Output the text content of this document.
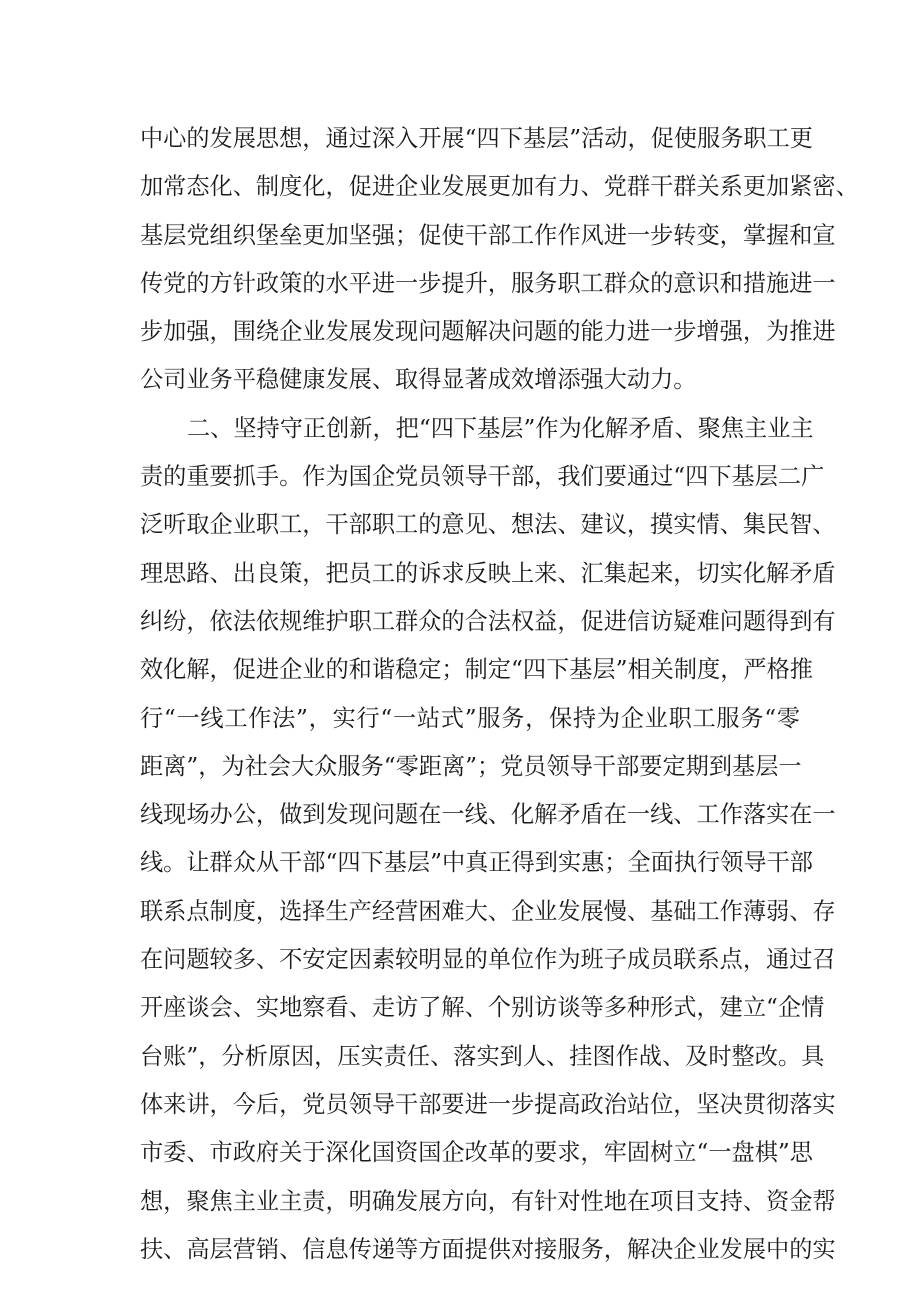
中心的发展思想，通过深入开展“四下基层”活动，促使服务职工更
加常态化、制度化，促进企业发展更加有力、党群干群关系更加紧密、
基层党组织堡垒更加坚强；促使干部工作作风进一步转变，掌握和宣
传党的方针政策的水平进一步提升，服务职工群众的意识和措施进一
步加强，围绕企业发展发现问题解决问题的能力进一步增强，为推进
公司业务平稳健康发展、取得显著成效增添强大动力。
二、坚持守正创新，把“四下基层”作为化解矛盾、聚焦主业主
责的重要抓手。作为国企党员领导干部，我们要通过“四下基层二广
泛听取企业职工，干部职工的意见、想法、建议，摸实情、集民智、
理思路、出良策，把员工的诉求反映上来、汇集起来，切实化解矛盾
纠纷，依法依规维护职工群众的合法权益，促进信访疑难问题得到有
效化解，促进企业的和谐稳定；制定“四下基层”相关制度，严格推
行“一线工作法”，实行“一站式”服务，保持为企业职工服务“零
距离”，为社会大众服务“零距离”；党员领导干部要定期到基层一
线现场办公，做到发现问题在一线、化解矛盾在一线、工作落实在一
线。让群众从干部“四下基层”中真正得到实惠；全面执行领导干部
联系点制度，选择生产经营困难大、企业发展慢、基础工作薄弱、存
在问题较多、不安定因素较明显的单位作为班子成员联系点，通过召
开座谈会、实地察看、走访了解、个别访谈等多种形式，建立“企情
台账”，分析原因，压实责任、落实到人、挂图作战、及时整改。具
体来讲，今后，党员领导干部要进一步提高政治站位，坚决贯彻落实
市委、市政府关于深化国资国企改革的要求，牢固树立“一盘棋”思
想，聚焦主业主责，明确发展方向，有针对性地在项目支持、资金帮
扶、高层营销、信息传递等方面提供对接服务，解决企业发展中的实
